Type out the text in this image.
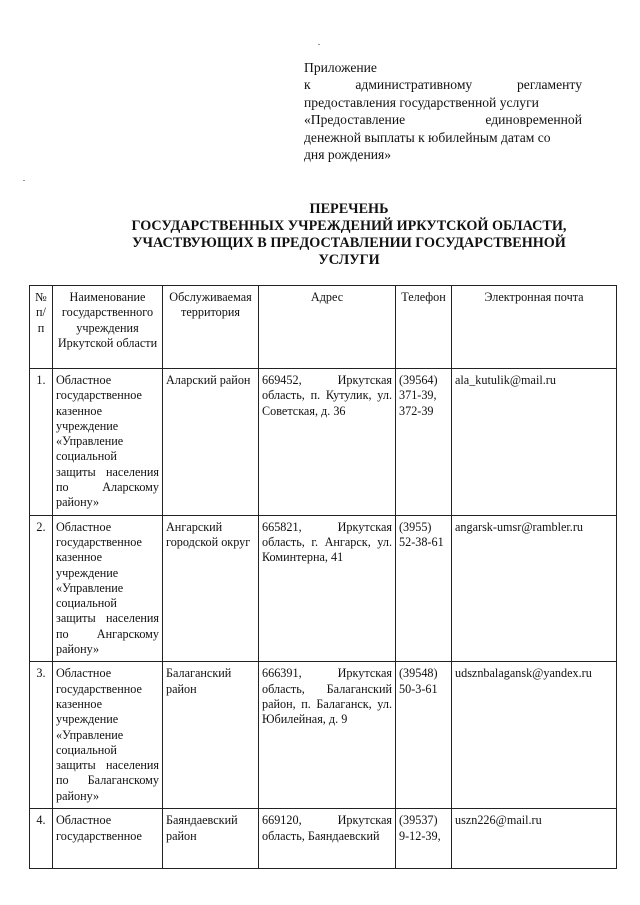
Приложение
к административному регламенту
предоставления государственной услуги
«Предоставление единовременной
денежной выплаты к юбилейным датам со
дня рождения»
ПЕРЕЧЕНЬ
ГОСУДАРСТВЕННЫХ УЧРЕЖДЕНИЙ ИРКУТСКОЙ ОБЛАСТИ,
УЧАСТВУЮЩИХ В ПРЕДОСТАВЛЕНИИ ГОСУДАРСТВЕННОЙ
УСЛУГИ
№ п/п	Наименование государственного учреждения Иркутской области	Обслуживаемая территория	Адрес	Телефон	Электронная почта
1.	Областное государственное казенное учреждение «Управление социальной защиты населения по Аларскому району»	Аларский район	669452, Иркутская область, п. Кутулик, ул. Советская, д. 36	(39564) 371-39, 372-39	ala_kutulik@mail.ru
2.	Областное государственное казенное учреждение «Управление социальной защиты населения по Ангарскому району»	Ангарский городской округ	665821, Иркутская область, г. Ангарск, ул. Коминтерна, 41	(3955) 52-38-61	angarsk-umsr@rambler.ru
3.	Областное государственное казенное учреждение «Управление социальной защиты населения по Балаганскому району»	Балаганский район	666391, Иркутская область, Балаганский район, п. Балаганск, ул. Юбилейная, д. 9	(39548) 50-3-61	udsznbalagansk@yandex.ru
4.	Областное государственное	Баяндаевский район	669120, Иркутская область, Баяндаевский	(39537) 9-12-39,	uszn226@mail.ru
